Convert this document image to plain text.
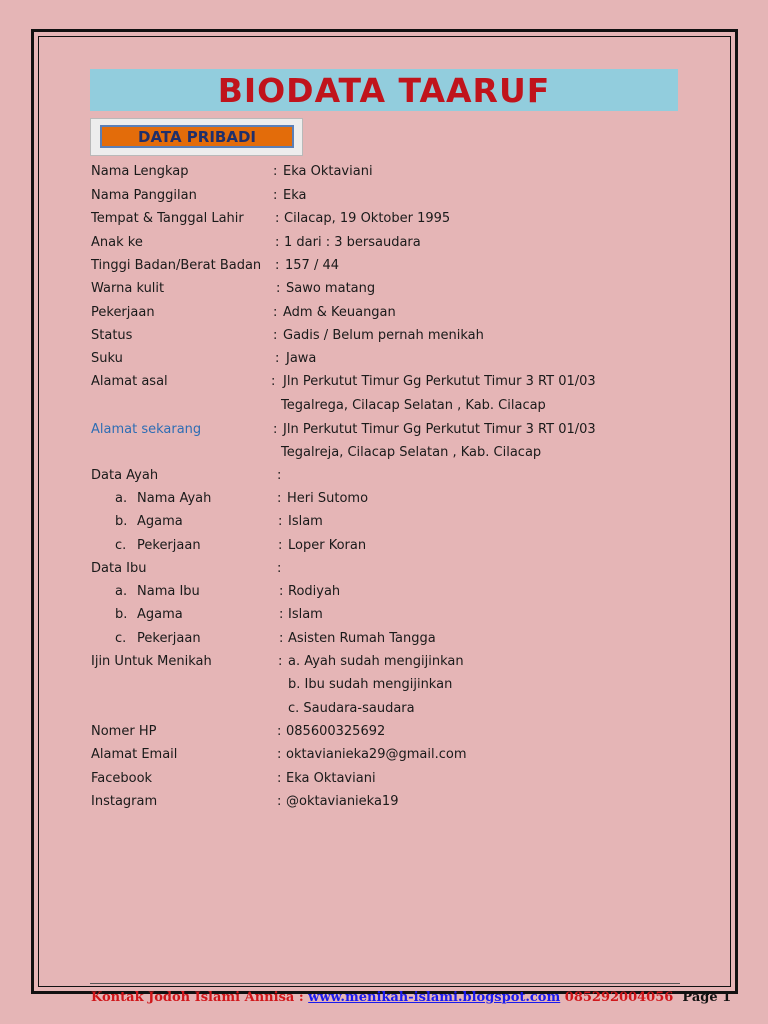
BIODATA TAARUF
DATA PRIBADI
Nama Lengkap	: Eka Oktaviani
Nama Panggilan	: Eka
Tempat & Tanggal Lahir : Cilacap, 19 Oktober 1995
Anak ke	: 1 dari : 3 bersaudara
Tinggi Badan/Berat Badan : 157 / 44
Warna kulit	: Sawo matang
Pekerjaan	: Adm & Keuangan
Status	: Gadis / Belum pernah menikah
Suku	: Jawa
Alamat asal	: Jln Perkutut Timur Gg Perkutut Timur 3 RT 01/03
Tegalrega, Cilacap Selatan , Kab. Cilacap
Alamat sekarang	: Jln Perkutut Timur Gg Perkutut Timur 3 RT 01/03
Tegalreja, Cilacap Selatan , Kab. Cilacap
Data Ayah	:
a. Nama Ayah	: Heri Sutomo
b. Agama	: Islam
c. Pekerjaan	: Loper Koran
Data Ibu	:
a. Nama Ibu	: Rodiyah
b. Agama	: Islam
c. Pekerjaan	: Asisten Rumah Tangga
Ijin Untuk Menikah	: a. Ayah sudah mengijinkan
b. Ibu sudah mengijinkan
c. Saudara-saudara
Nomer HP	: 085600325692
Alamat Email	: oktavianieka29@gmail.com
Facebook	: Eka Oktaviani
Instagram	: @oktavianieka19
Kontak Jodoh Islami Annisa : www.menikah-islami.blogspot.com 085292004056 Page 1
